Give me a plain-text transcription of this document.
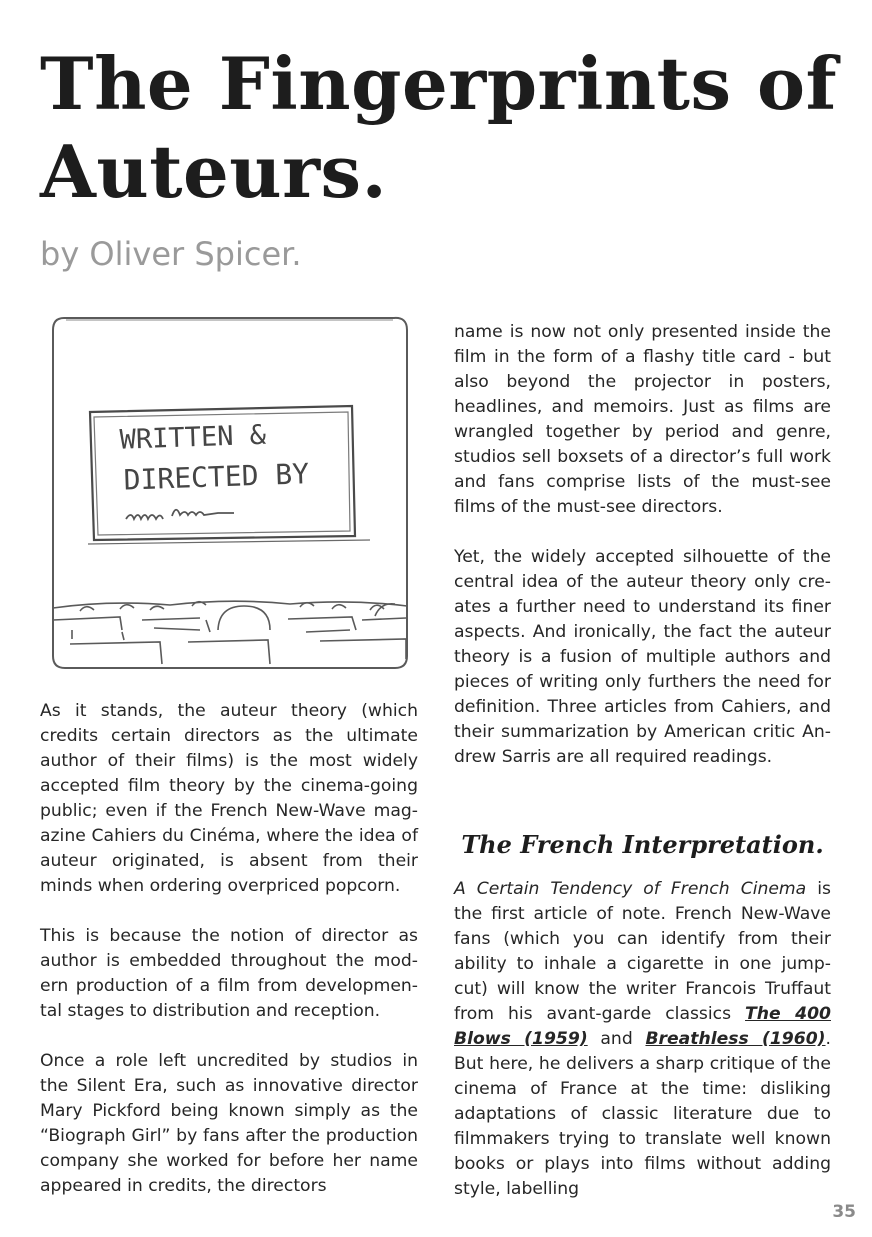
The Fingerprints of Auteurs.
by Oliver Spicer.
WRITTEN &
DIRECTED BY

As it stands, the auteur theory (which credits certain directors as the ultimate author of their films) is the most widely accepted film theory by the cinema-going public; even if the French New-Wave magazine Cahiers du Cinéma, where the idea of auteur originated, is absent from their minds when ordering overpriced popcorn.

This is because the notion of director as author is embedded throughout the modern production of a film from developmental stages to distribution and reception.

Once a role left uncredited by studios in the Silent Era, such as innovative director Mary Pickford being known simply as the “Biograph Girl” by fans after the production company she worked for before her name appeared in credits, the directors

name is now not only presented inside the film in the form of a flashy title card - but also beyond the projector in posters, headlines, and memoirs. Just as films are wrangled together by period and genre, studios sell boxsets of a director’s full work and fans comprise lists of the must-see films of the must-see directors.

Yet, the widely accepted silhouette of the central idea of the auteur theory only creates a further need to understand its finer aspects. And ironically, the fact the auteur theory is a fusion of multiple authors and pieces of writing only furthers the need for definition. Three articles from Cahiers, and their summarization by American critic Andrew Sarris are all required readings.

The French Interpretation.

A Certain Tendency of French Cinema is the first article of note. French New-Wave fans (which you can identify from their ability to inhale a cigarette in one jump-cut) will know the writer Francois Truffaut from his avant-garde classics The 400 Blows (1959) and Breathless (1960). But here, he delivers a sharp critique of the cinema of France at the time: disliking adaptations of classic literature due to filmmakers trying to translate well known books or plays into films without adding style, labelling

35
